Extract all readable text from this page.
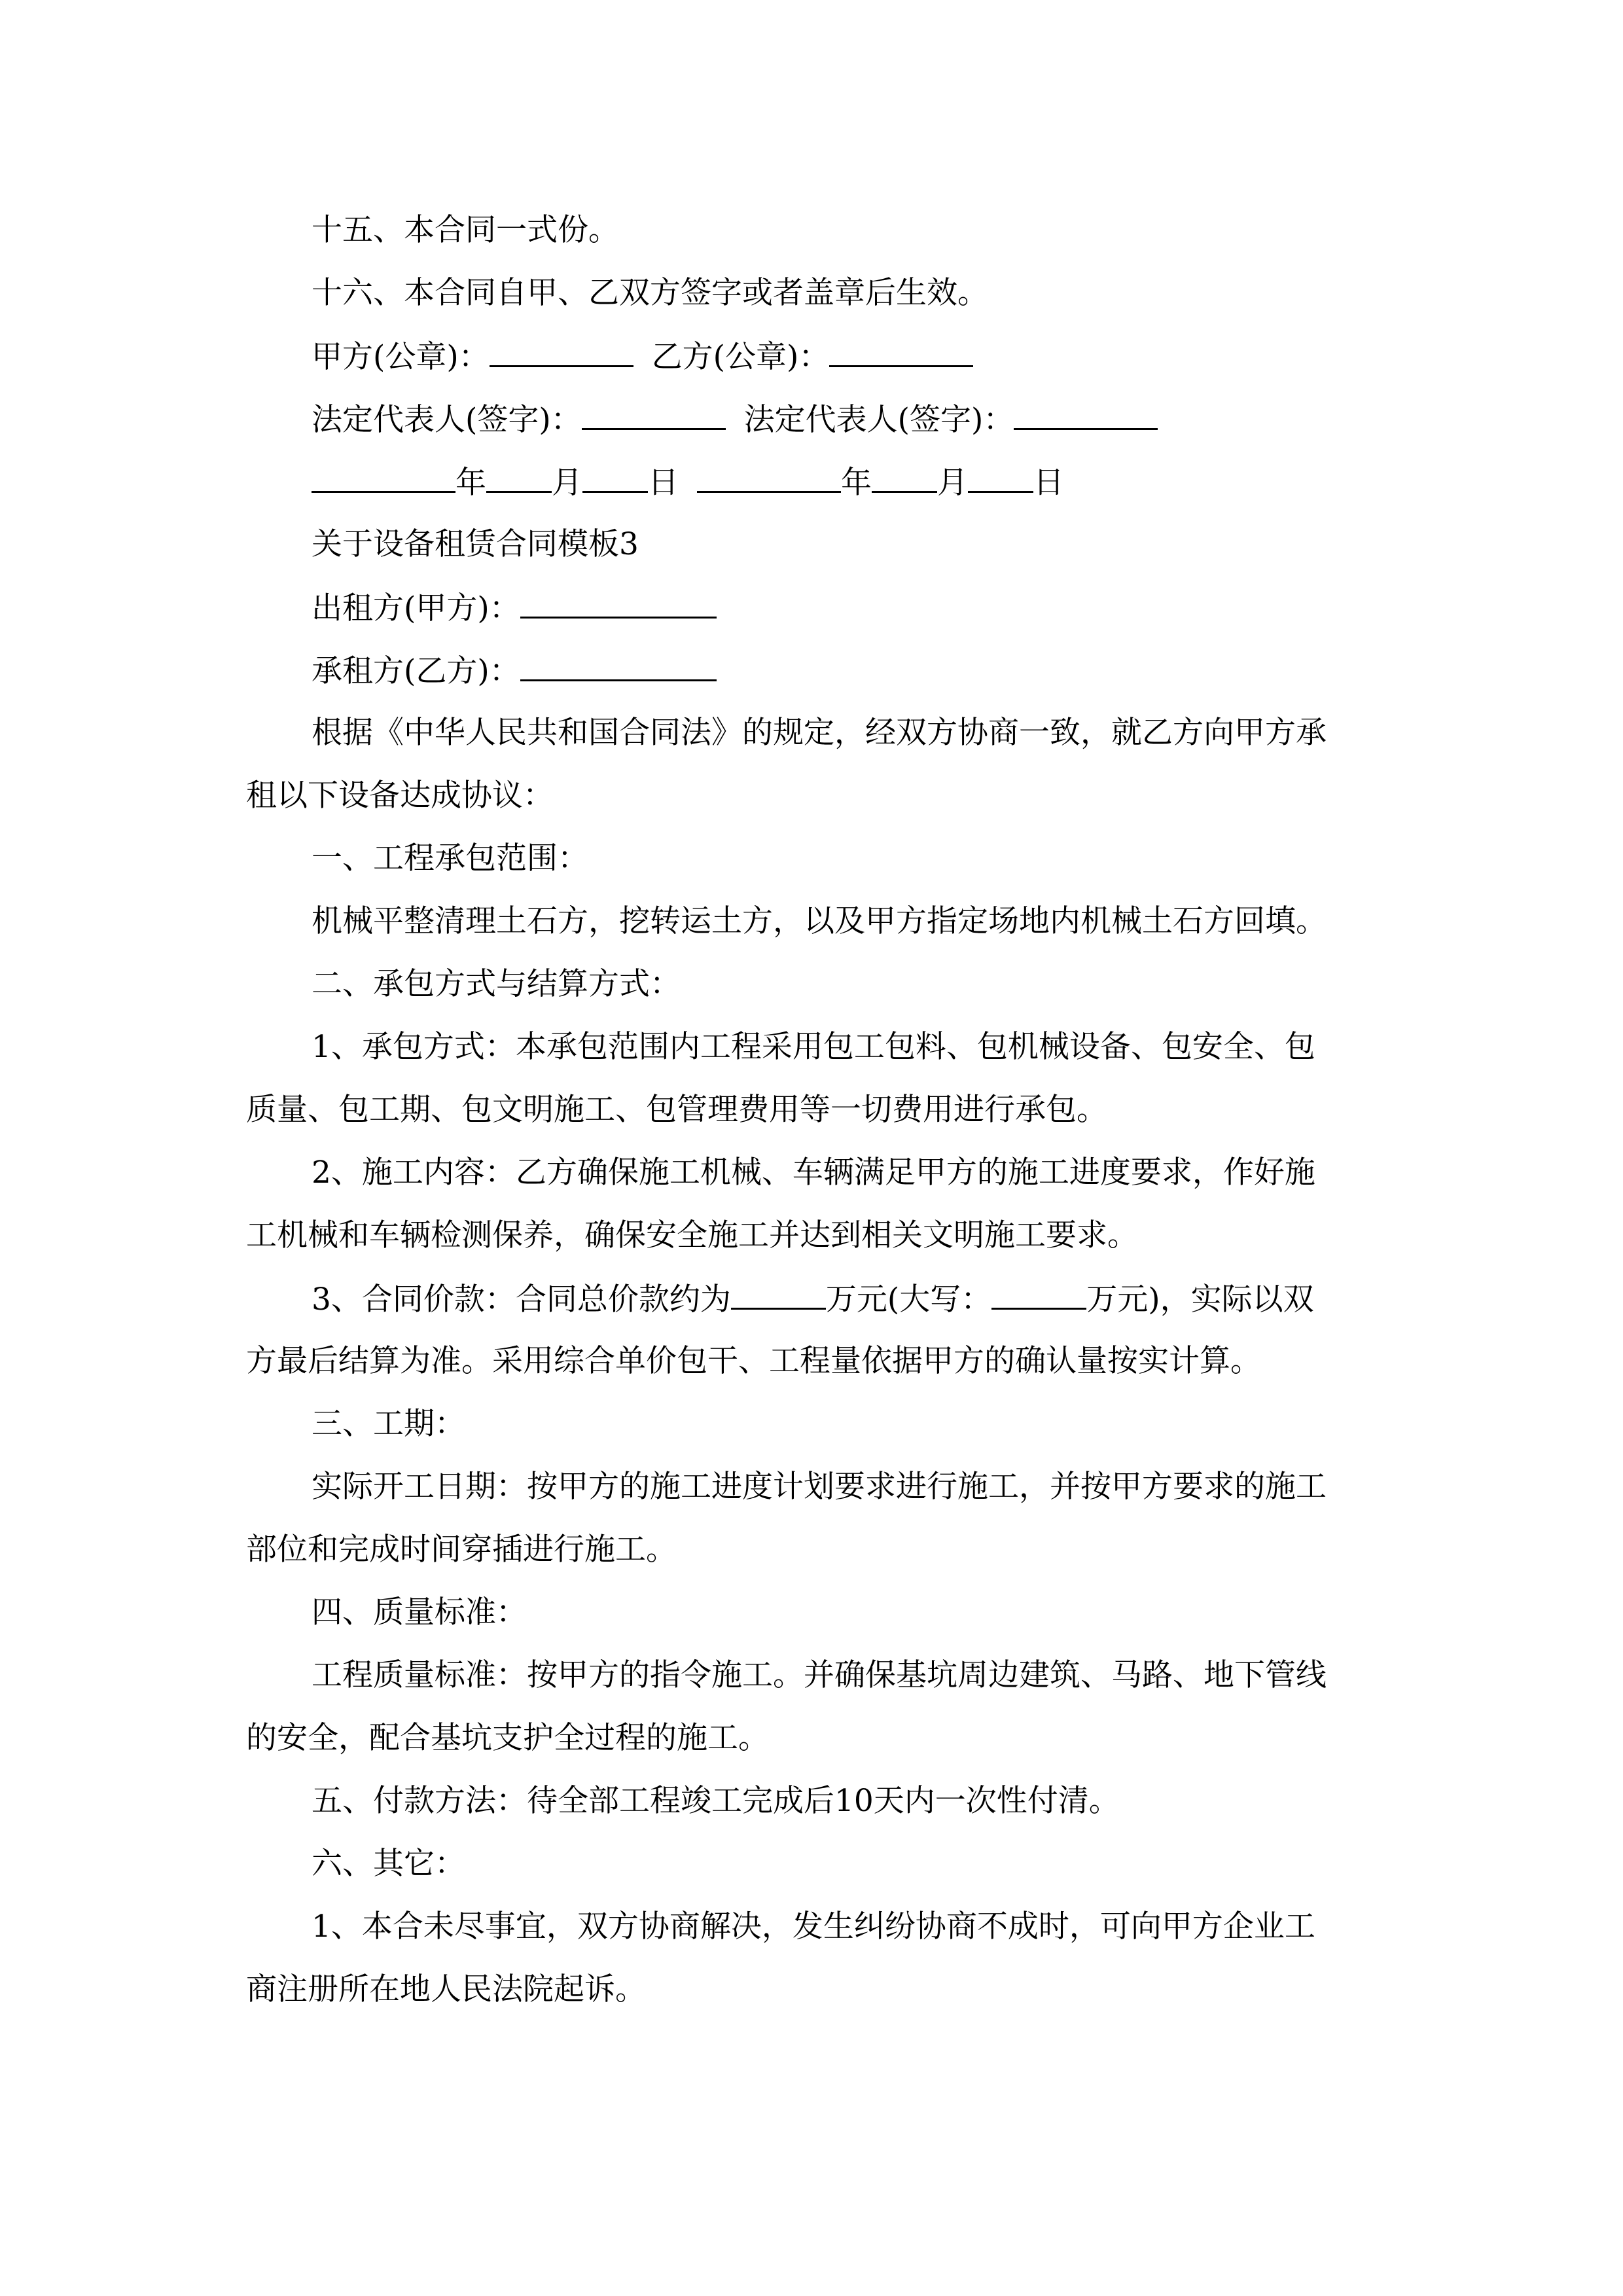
十五、本合同一式份。
十六、本合同自甲、乙双方签字或者盖章后生效。
甲方(公章)：	乙方(公章)：
法定代表人(签字)：	法定代表人(签字)：
年 月 日	年 月 日
关于设备租赁合同模板3
出租方(甲方)：
承租方(乙方)：
根据《中华人民共和国合同法》的规定，经双方协商一致，就乙方向甲方承
租以下设备达成协议：
一、工程承包范围：
机械平整清理土石方，挖转运土方，以及甲方指定场地内机械土石方回填。
二、承包方式与结算方式：
1、承包方式：本承包范围内工程采用包工包料、包机械设备、包安全、包
质量、包工期、包文明施工、包管理费用等一切费用进行承包。
2、施工内容：乙方确保施工机械、车辆满足甲方的施工进度要求，作好施
工机械和车辆检测保养，确保安全施工并达到相关文明施工要求。
3、合同价款：合同总价款约为	万元(大写：	万元)，实际以双
方最后结算为准。采用综合单价包干、工程量依据甲方的确认量按实计算。
三、工期：
实际开工日期：按甲方的施工进度计划要求进行施工，并按甲方要求的施工
部位和完成时间穿插进行施工。
四、质量标准：
工程质量标准：按甲方的指令施工。并确保基坑周边建筑、马路、地下管线
的安全，配合基坑支护全过程的施工。
五、付款方法：待全部工程竣工完成后10天内一次性付清。
六、其它：
1、本合未尽事宜，双方协商解决，发生纠纷协商不成时，可向甲方企业工
商注册所在地人民法院起诉。
